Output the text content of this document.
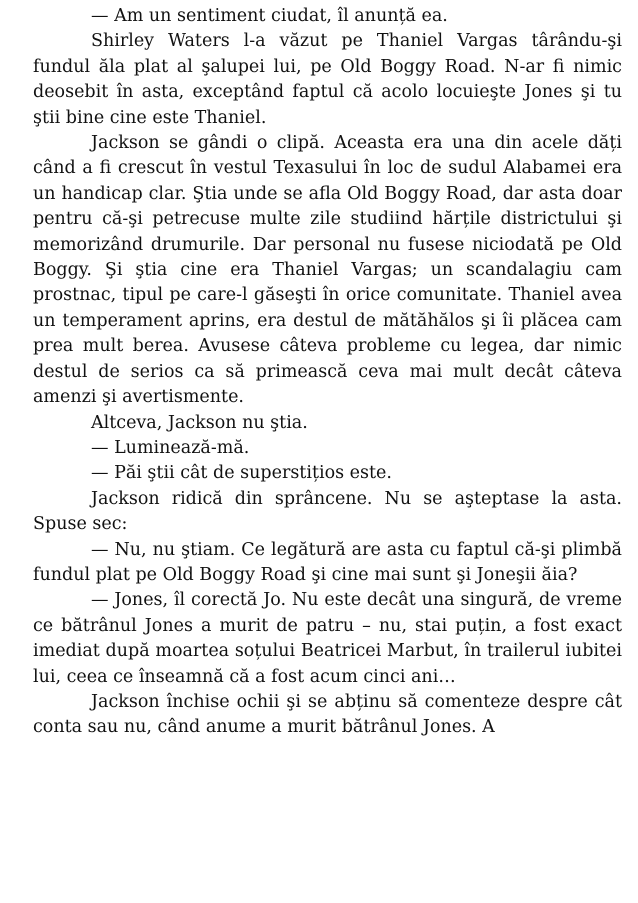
— Am un sentiment ciudat, îl anunță ea.

Shirley Waters l-a văzut pe Thaniel Vargas târându-şi fundul ăla plat al şalupei lui, pe Old Boggy Road. N-ar fi nimic deosebit în asta, exceptând faptul că acolo locuieşte Jones şi tu ştii bine cine este Thaniel.

Jackson se gândi o clipă. Aceasta era una din acele dăți când a fi crescut în vestul Texasului în loc de sudul Alabamei era un handicap clar. Ştia unde se afla Old Boggy Road, dar asta doar pentru că-şi petrecuse multe zile studiind hărțile districtului şi memorizând drumurile. Dar personal nu fusese niciodată pe Old Boggy. Şi ştia cine era Thaniel Vargas; un scandalagiu cam prostnac, tipul pe care-l găseşti în orice comunitate. Thaniel avea un temperament aprins, era destul de mătăhălos şi îi plăcea cam prea mult berea. Avusese câteva probleme cu legea, dar nimic destul de serios ca să primească ceva mai mult decât câteva amenzi şi avertismente.

Altceva, Jackson nu ştia.

— Luminează-mă.

— Păi ştii cât de superstițios este.

Jackson ridică din sprâncene. Nu se aşteptase la asta. Spuse sec:

— Nu, nu ştiam. Ce legătură are asta cu faptul că-şi plimbă fundul plat pe Old Boggy Road şi cine mai sunt şi Joneşii ăia?

— Jones, îl corectă Jo. Nu este decât una singură, de vreme ce bătrânul Jones a murit de patru – nu, stai puțin, a fost exact imediat după moartea soțului Beatricei Marbut, în trailerul iubitei lui, ceea ce înseamnă că a fost acum cinci ani…

Jackson închise ochii şi se abținu să comenteze despre cât conta sau nu, când anume a murit bătrânul Jones. A
